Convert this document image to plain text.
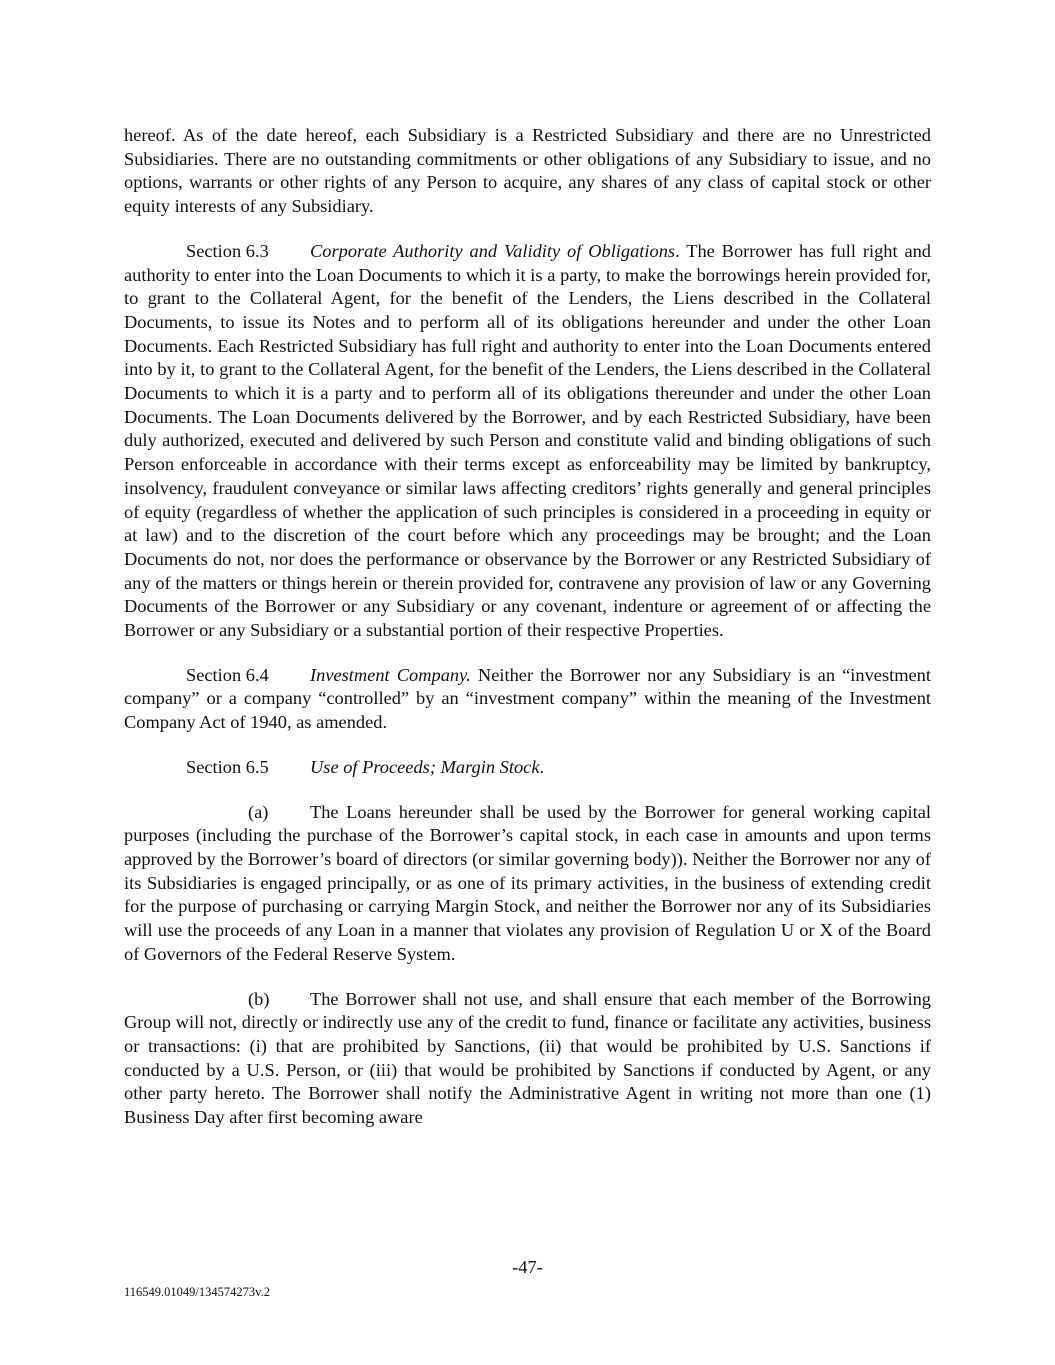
hereof. As of the date hereof, each Subsidiary is a Restricted Subsidiary and there are no Unrestricted Subsidiaries. There are no outstanding commitments or other obligations of any Subsidiary to issue, and no options, warrants or other rights of any Person to acquire, any shares of any class of capital stock or other equity interests of any Subsidiary.

Section 6.3 Corporate Authority and Validity of Obligations. The Borrower has full right and authority to enter into the Loan Documents to which it is a party, to make the borrowings herein provided for, to grant to the Collateral Agent, for the benefit of the Lenders, the Liens described in the Collateral Documents, to issue its Notes and to perform all of its obligations hereunder and under the other Loan Documents. Each Restricted Subsidiary has full right and authority to enter into the Loan Documents entered into by it, to grant to the Collateral Agent, for the benefit of the Lenders, the Liens described in the Collateral Documents to which it is a party and to perform all of its obligations thereunder and under the other Loan Documents. The Loan Documents delivered by the Borrower, and by each Restricted Subsidiary, have been duly authorized, executed and delivered by such Person and constitute valid and binding obligations of such Person enforceable in accordance with their terms except as enforceability may be limited by bankruptcy, insolvency, fraudulent conveyance or similar laws affecting creditors’ rights generally and general principles of equity (regardless of whether the application of such principles is considered in a proceeding in equity or at law) and to the discretion of the court before which any proceedings may be brought; and the Loan Documents do not, nor does the performance or observance by the Borrower or any Restricted Subsidiary of any of the matters or things herein or therein provided for, contravene any provision of law or any Governing Documents of the Borrower or any Subsidiary or any covenant, indenture or agreement of or affecting the Borrower or any Subsidiary or a substantial portion of their respective Properties.

Section 6.4 Investment Company. Neither the Borrower nor any Subsidiary is an “investment company” or a company “controlled” by an “investment company” within the meaning of the Investment Company Act of 1940, as amended.

Section 6.5 Use of Proceeds; Margin Stock.

(a) The Loans hereunder shall be used by the Borrower for general working capital purposes (including the purchase of the Borrower’s capital stock, in each case in amounts and upon terms approved by the Borrower’s board of directors (or similar governing body)). Neither the Borrower nor any of its Subsidiaries is engaged principally, or as one of its primary activities, in the business of extending credit for the purpose of purchasing or carrying Margin Stock, and neither the Borrower nor any of its Subsidiaries will use the proceeds of any Loan in a manner that violates any provision of Regulation U or X of the Board of Governors of the Federal Reserve System.

(b) The Borrower shall not use, and shall ensure that each member of the Borrowing Group will not, directly or indirectly use any of the credit to fund, finance or facilitate any activities, business or transactions: (i) that are prohibited by Sanctions, (ii) that would be prohibited by U.S. Sanctions if conducted by a U.S. Person, or (iii) that would be prohibited by Sanctions if conducted by Agent, or any other party hereto. The Borrower shall notify the Administrative Agent in writing not more than one (1) Business Day after first becoming aware

-47-
116549.01049/134574273v.2
